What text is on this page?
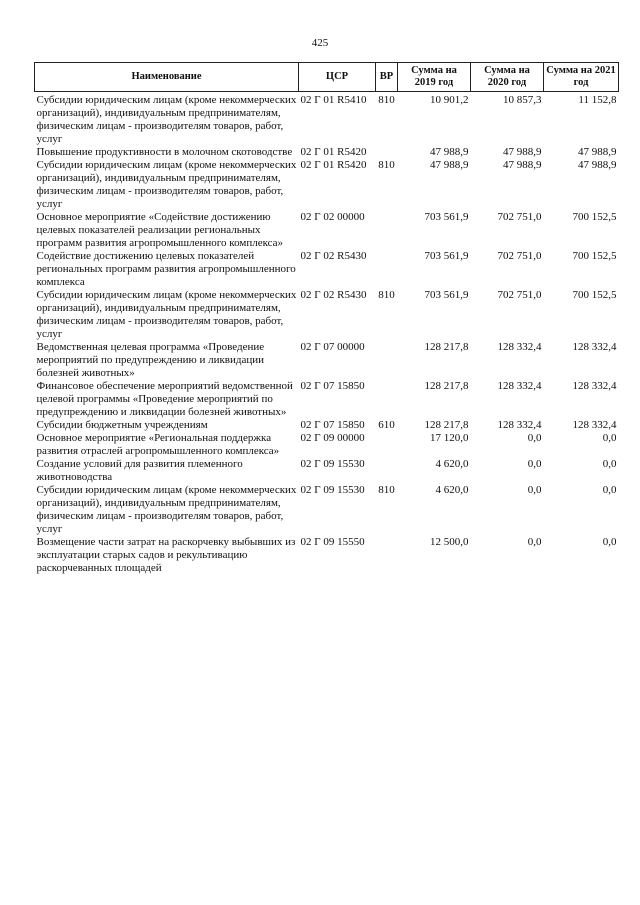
425
Наименование	ЦСР	ВР	Сумма на 2019 год	Сумма на 2020 год	Сумма на 2021 год
Субсидии юридическим лицам (кроме некоммерческих организаций), индивидуальным предпринимателям, физическим лицам - производителям товаров, работ, услуг	02 Г 01 R5410	810	10 901,2	10 857,3	11 152,8
Повышение продуктивности в молочном скотоводстве	02 Г 01 R5420		47 988,9	47 988,9	47 988,9
Субсидии юридическим лицам (кроме некоммерческих организаций), индивидуальным предпринимателям, физическим лицам - производителям товаров, работ, услуг	02 Г 01 R5420	810	47 988,9	47 988,9	47 988,9
Основное мероприятие «Содействие достижению целевых показателей реализации региональных программ развития агропромышленного комплекса»	02 Г 02 00000		703 561,9	702 751,0	700 152,5
Содействие достижению целевых показателей региональных программ развития агропромышленного комплекса	02 Г 02 R5430		703 561,9	702 751,0	700 152,5
Субсидии юридическим лицам (кроме некоммерческих организаций), индивидуальным предпринимателям, физическим лицам - производителям товаров, работ, услуг	02 Г 02 R5430	810	703 561,9	702 751,0	700 152,5
Ведомственная целевая программа «Проведение мероприятий по предупреждению и ликвидации болезней животных»	02 Г 07 00000		128 217,8	128 332,4	128 332,4
Финансовое обеспечение мероприятий ведомственной целевой программы «Проведение мероприятий по предупреждению и ликвидации болезней животных»	02 Г 07 15850		128 217,8	128 332,4	128 332,4
Субсидии бюджетным учреждениям	02 Г 07 15850	610	128 217,8	128 332,4	128 332,4
Основное мероприятие «Региональная поддержка развития отраслей агропромышленного комплекса»	02 Г 09 00000		17 120,0	0,0	0,0
Создание условий для развития племенного животноводства	02 Г 09 15530		4 620,0	0,0	0,0
Субсидии юридическим лицам (кроме некоммерческих организаций), индивидуальным предпринимателям, физическим лицам - производителям товаров, работ, услуг	02 Г 09 15530	810	4 620,0	0,0	0,0
Возмещение части затрат на раскорчевку выбывших из эксплуатации старых садов и рекультивацию раскорчеванных площадей	02 Г 09 15550		12 500,0	0,0	0,0
